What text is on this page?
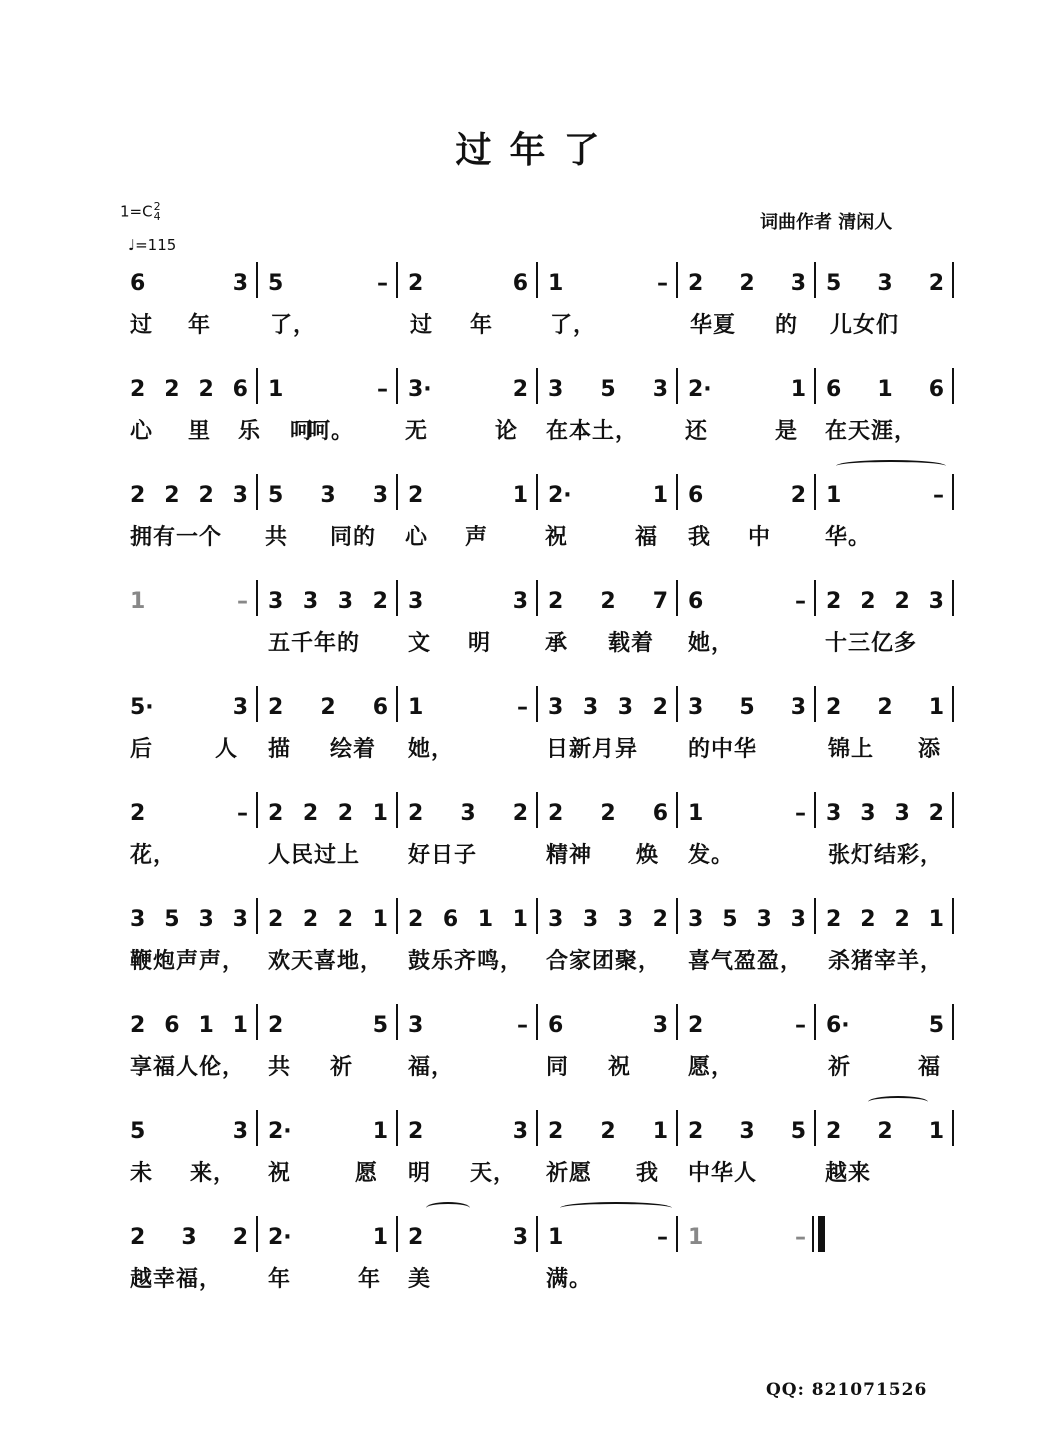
过年了
1=C 2
4
♩=115
词曲作者 清闲人
6	3 5	– 2	6 1	– 2 2 3 5 3 2
过 年	了，	过 年	了，	华夏 的 儿女们
2 2 2 6 1	– 3·	2 3 5 3 2·	1 6 1 6
心 里 乐 呵
呵。 无	论 在本土， 还	是 在天涯，
2 2 2 3 5 3 3 2	1 2·	1 6	2 1	–
拥有一个 共 同的 心 声	祝	福 我 中 华。
1	– 3 3 3 2 3	3 2 2 7 6	– 2 2 2 3
五千年的 文 明 承 载着 她，	十三亿多
5·	3 2 2 6 1	– 3 3 3 2 3 5 3 2 2 1
后	人 描 绘着 她，	日新月异 的中华	锦上 添
2	– 2 2 2 1 2 3 2 2 2 6 1	– 3 3 3 2
花，	人民过上 好日子	精神 焕 发。	张灯结彩，
3 5 3 3 2 2 2 1 2 6 1 1 3 3 3 2 3 5 3 3 2 2 2 1
鞭炮声声， 欢天喜地， 鼓乐齐鸣， 合家团聚， 喜气盈盈， 杀猪宰羊，
2 6 1 1 2	5 3	– 6	3 2	– 6·	5
享福人伦， 共 祈 福，	同 祝	愿，	祈	福
5	3 2·	1 2	3 2 2 1 2 3 5 2 2 1
未 来， 祝	愿 明 天， 祈愿 我 中华人	越来
2 3 2 2·	1 2	3 1	– 1	–
越幸福， 年	年 美	满。
QQ: 821071526
